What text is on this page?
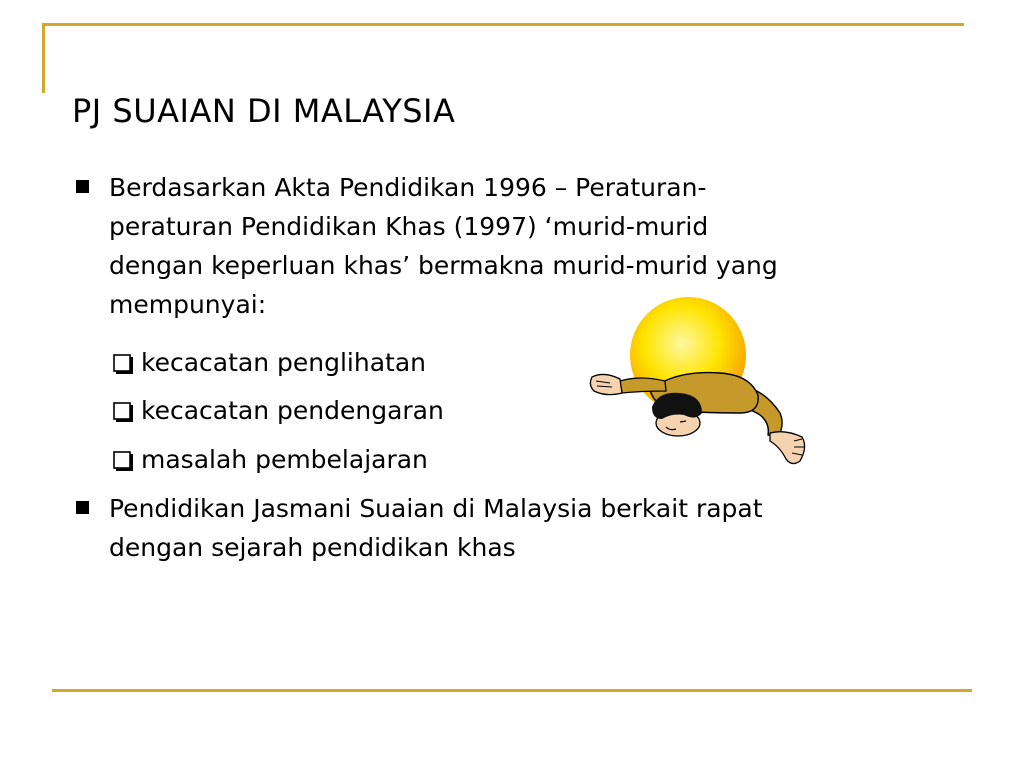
PJ SUAIAN DI MALAYSIA
Berdasarkan Akta Pendidikan 1996 – Peraturan-
peraturan Pendidikan Khas (1997) ‘murid-murid
dengan keperluan khas’ bermakna murid-murid yang
mempunyai:
kecacatan penglihatan
kecacatan pendengaran
masalah pembelajaran
Pendidikan Jasmani Suaian di Malaysia berkait rapat
dengan sejarah pendidikan khas
